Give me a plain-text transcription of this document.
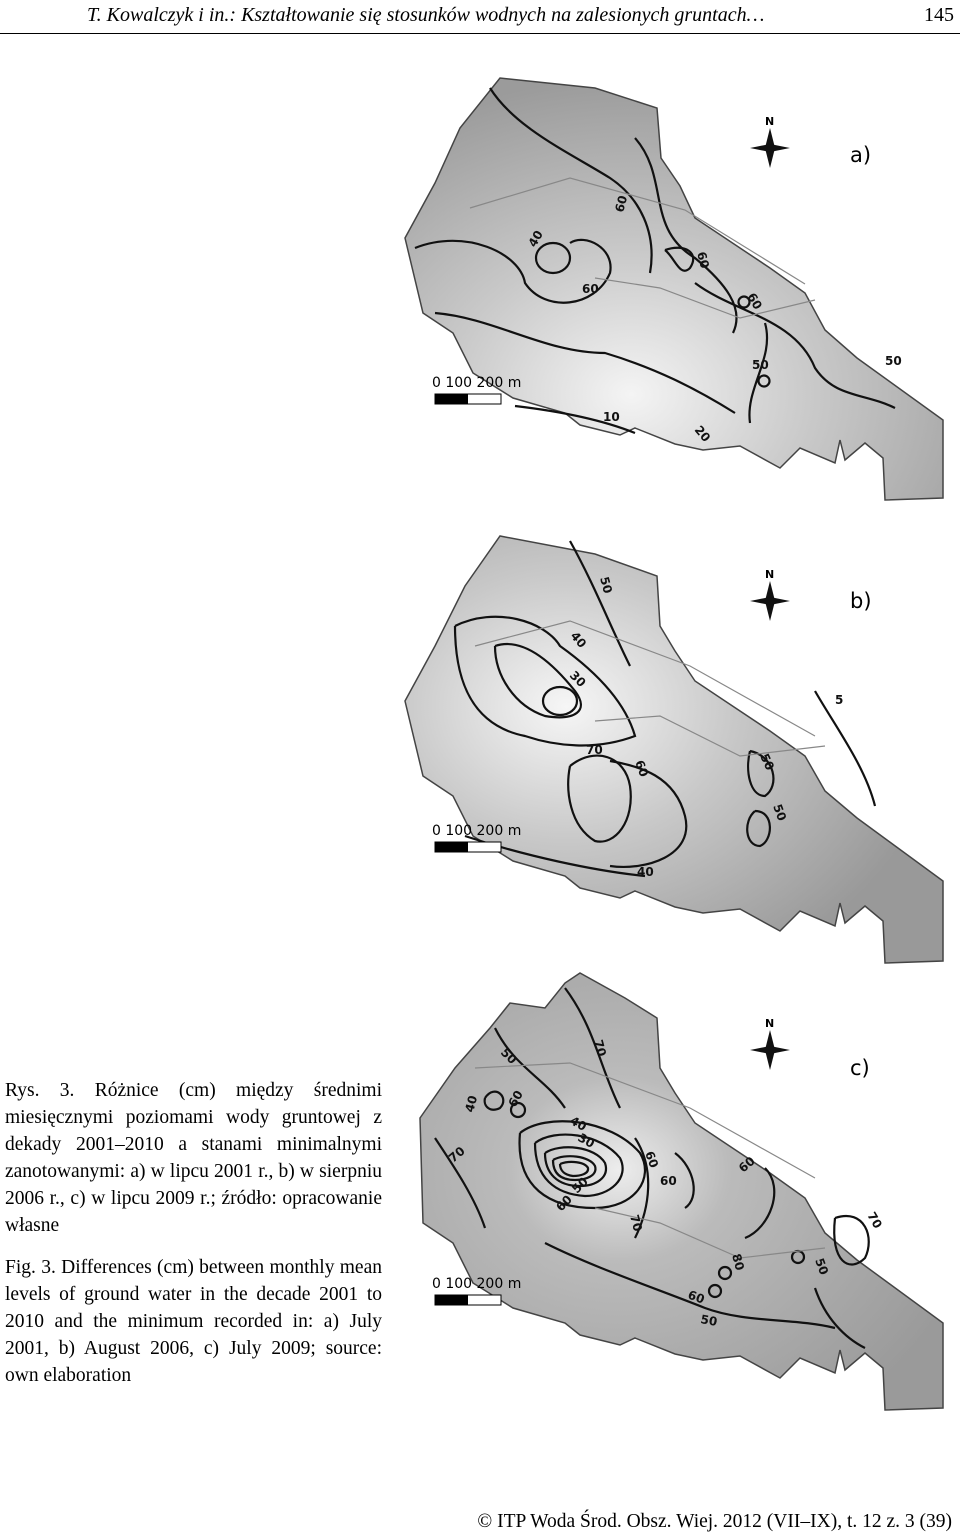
T. Kowalczyk i in.: Kształtowanie się stosunków wodnych na zalesionych gruntach…	145
N
a)
0 100 200 m
60
40
60
60
60
50	50
10
20
N
b)
0 100 200 m
50
40
30
70
60	50
50
40
5
N
c)
0 100 200 m
50	70
40 60
40
30
70
50
60
60
60
70
60
70
80	50
60
50
Rys. 3. Różnice (cm) między średnimi miesięcznymi poziomami wody gruntowej z dekady 2001–2010 a stanami minimalnymi zanotowanymi: a) w lipcu 2001 r., b) w sierpniu 2006 r., c) w lipcu 2009 r.; źródło: opracowanie własne
Fig. 3. Differences (cm) between monthly mean levels of ground water in the decade 2001 to 2010 and the minimum recorded in: a) July 2001, b) August 2006, c) July 2009; source: own elaboration
© ITP Woda Środ. Obsz. Wiej. 2012 (VII–IX), t. 12 z. 3 (39)
